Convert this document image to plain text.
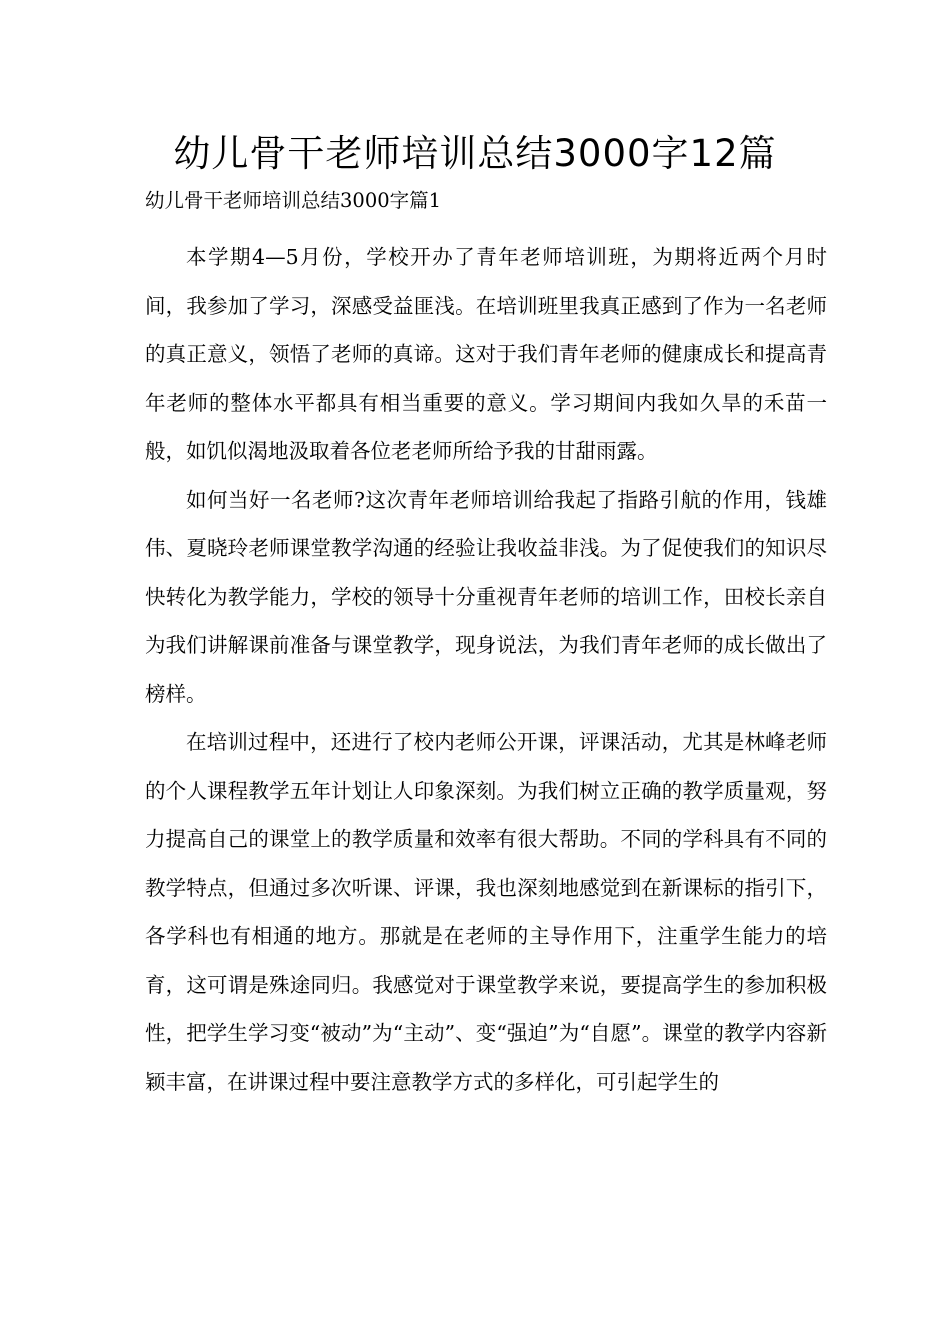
幼儿骨干老师培训总结3000字12篇
幼儿骨干老师培训总结3000字篇1

本学期4—5月份，学校开办了青年老师培训班，为期将近两个月时间，我参加了学习，深感受益匪浅。在培训班里我真正感到了作为一名老师的真正意义，领悟了老师的真谛。这对于我们青年老师的健康成长和提高青年老师的整体水平都具有相当重要的意义。学习期间内我如久旱的禾苗一般，如饥似渴地汲取着各位老老师所给予我的甘甜雨露。

如何当好一名老师?这次青年老师培训给我起了指路引航的作用，钱雄伟、夏晓玲老师课堂教学沟通的经验让我收益非浅。为了促使我们的知识尽快转化为教学能力，学校的领导十分重视青年老师的培训工作，田校长亲自为我们讲解课前准备与课堂教学，现身说法，为我们青年老师的成长做出了榜样。

在培训过程中，还进行了校内老师公开课，评课活动，尤其是林峰老师的个人课程教学五年计划让人印象深刻。为我们树立正确的教学质量观，努力提高自己的课堂上的教学质量和效率有很大帮助。不同的学科具有不同的教学特点，但通过多次听课、评课，我也深刻地感觉到在新课标的指引下，各学科也有相通的地方。那就是在老师的主导作用下，注重学生能力的培育，这可谓是殊途同归。我感觉对于课堂教学来说，要提高学生的参加积极性，把学生学习变“被动”为“主动”、变“强迫”为“自愿”。课堂的教学内容新颖丰富，在讲课过程中要注意教学方式的多样化，可引起学生的
